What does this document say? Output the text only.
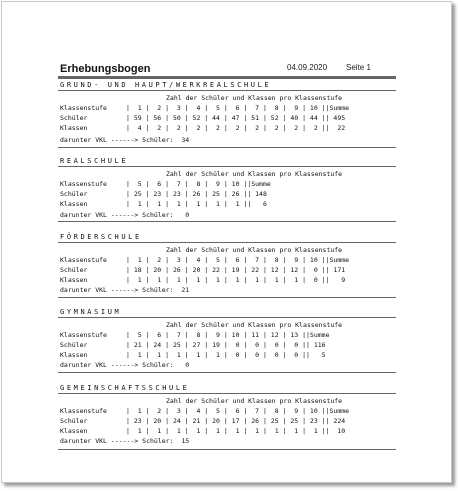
Erhebungsbogen	04.09.2020 Seite 1
GRUND- UND HAUPT/WERKREALSCHULE
Zahl der Schüler und Klassen pro Klassenstufe

Klassenstufe

	|  1 |  2 |  3 |  4 |  5 |  6 |  7 |  8 |  9 | 10 ||Summe

Schüler

	| 59 | 56 | 50 | 52 | 44 | 47 | 51 | 52 | 40 | 44 || 495

Klassen

	|  4 |  2 |  2 |  2 |  2 |  2 |  2 |  2 |  2 |  2 ||  22

darunter VKL ------> Schüler:  34
REALSCHULE
Zahl der Schüler und Klassen pro Klassenstufe

Klassenstufe

	|  5 |  6 |  7 |  8 |  9 | 10 ||Summe

Schüler

	| 25 | 23 | 23 | 26 | 25 | 26 || 148

Klassen

	|  1 |  1 |  1 |  1 |  1 |  1 ||   6

darunter VKL ------> Schüler:   0
FÖRDERSCHULE
Zahl der Schüler und Klassen pro Klassenstufe

Klassenstufe

	|  1 |  2 |  3 |  4 |  5 |  6 |  7 |  8 |  9 | 10 ||Summe

Schüler

	| 18 | 20 | 26 | 20 | 22 | 19 | 22 | 12 | 12 |  0 || 171

Klassen

	|  1 |  1 |  1 |  1 |  1 |  1 |  1 |  1 |  1 |  0 ||   9

darunter VKL ------> Schüler:  21
GYMNASIUM
Zahl der Schüler und Klassen pro Klassenstufe

Klassenstufe

	|  5 |  6 |  7 |  8 |  9 | 10 | 11 | 12 | 13 ||Summe

Schüler

	| 21 | 24 | 25 | 27 | 19 |  0 |  0 |  0 |  0 || 116

Klassen

	|  1 |  1 |  1 |  1 |  1 |  0 |  0 |  0 |  0 ||   5

darunter VKL ------> Schüler:   0
GEMEINSCHAFTSSCHULE
Zahl der Schüler und Klassen pro Klassenstufe

Klassenstufe

	|  1 |  2 |  3 |  4 |  5 |  6 |  7 |  8 |  9 | 10 ||Summe

Schüler

	| 23 | 20 | 24 | 21 | 20 | 17 | 26 | 25 | 25 | 23 || 224

Klassen

	|  1 |  1 |  1 |  1 |  1 |  1 |  1 |  1 |  1 |  1 ||  10

darunter VKL ------> Schüler:  15
